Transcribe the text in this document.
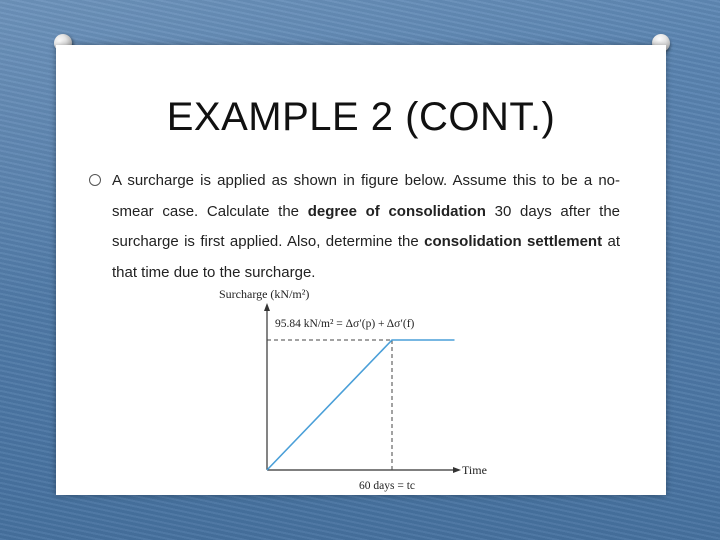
EXAMPLE 2 (CONT.)
A surcharge is applied as shown in figure below. Assume this to be a no-smear case. Calculate the degree of consolidation 30 days after the surcharge is first applied. Also, determine the consolidation settlement at that time due to the surcharge.
Surcharge (kN/m²)
Time
95.84 kN/m² = Δσ′(p) + Δσ′(f)
60 days = tc
